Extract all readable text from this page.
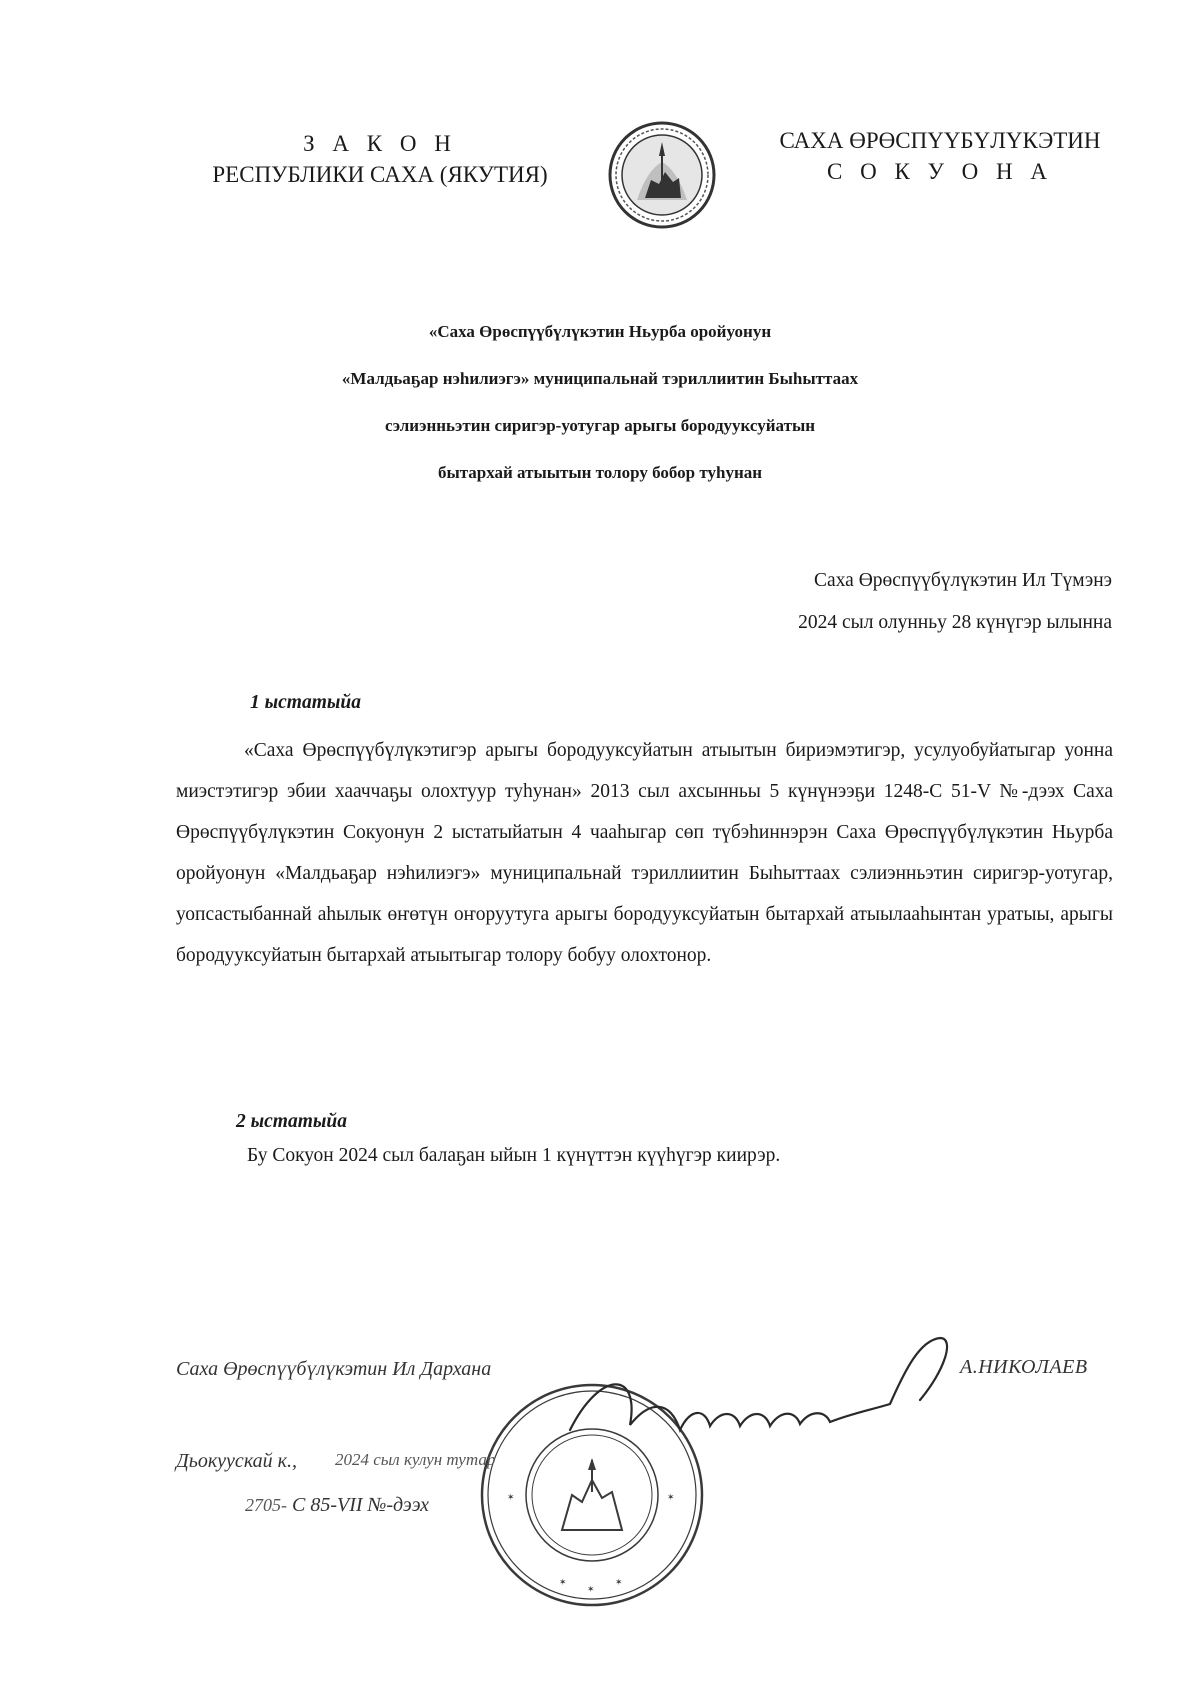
З А К О Н
РЕСПУБЛИКИ САХА (ЯКУТИЯ)
САХА ӨРӨСПҮҮБҮЛҮКЭТИН
С О К У О Н А
«Саха Өрөспүүбүлүкэтин Ньурба оройуонун
«Малдьаҕар нэһилиэгэ» муниципальнай тэриллиитин Быһыттаах
сэлиэнньэтин сиригэр-уотугар арыгы бородууксуйатын
бытархай атыытын толору бобор туһунан
Саха Өрөспүүбүлүкэтин Ил Түмэнэ
2024 сыл олунньу 28 күнүгэр ылынна
1 ыстатыйа
«Саха Өрөспүүбүлүкэтигэр арыгы бородууксуйатын атыытын бириэмэтигэр, усулуобуйатыгар уонна миэстэтигэр эбии хааччаҕы олохтуур туһунан» 2013 сыл ахсынньы 5 күнүнээҕи 1248-С 51-V №-дээх Саха Өрөспүүбүлүкэтин Сокуонун 2 ыстатыйатын 4 чааһыгар сөп түбэһиннэрэн Саха Өрөспүүбүлүкэтин Ньурба оройуонун «Малдьаҕар нэһилиэгэ» муниципальнай тэриллиитин Быһыттаах сэлиэнньэтин сиригэр-уотугар, уопсастыбаннай аһылык өҥөтүн оҥоруутуга арыгы бородууксуйатын бытархай атыылааһынтан уратыы, арыгы бородууксуйатын бытархай атыытыгар толору бобуу олохтонор.
2 ыстатыйа
Бу Сокуон 2024 сыл балаҕан ыйын 1 күнүттэн күүһүгэр киирэр.
✶	✶
✶
✶	✶
Саха Өрөспүүбүлүкэтин Ил Дархана	А.НИКОЛАЕВ
Дьокуускай к., 2024 сыл кулун тутар
2705- С 85-VII №-дээх
